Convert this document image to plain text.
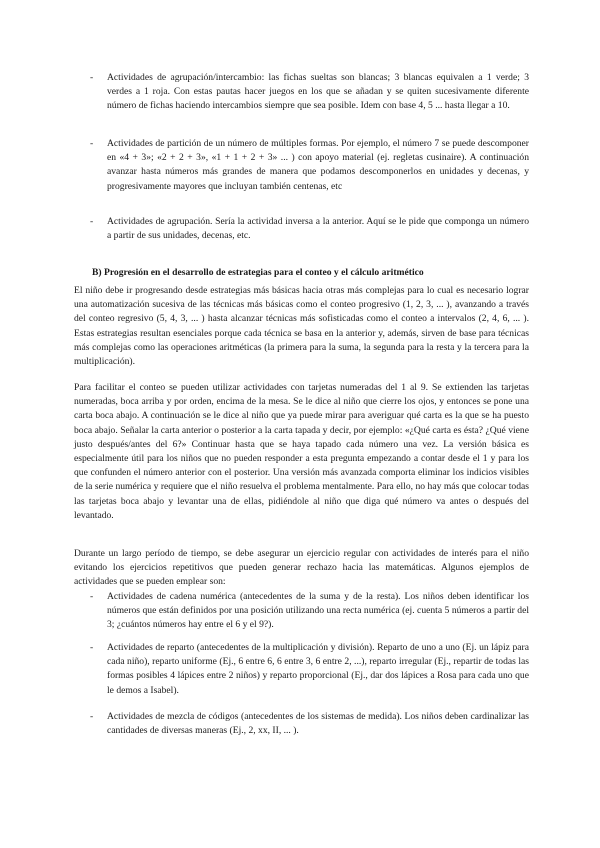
- Actividades de agrupación/intercambio: las fichas sueltas son blancas; 3 blancas equivalen a 1 verde; 3 verdes a 1 roja. Con estas pautas hacer juegos en los que se añadan y se quiten sucesivamente diferente número de fichas haciendo intercambios siempre que sea posible. Idem con base 4, 5 ... hasta llegar a 10.

- Actividades de partición de un número de múltiples formas. Por ejemplo, el número 7 se puede descomponer en «4 + 3»; «2 + 2 + 3», «1 + 1 + 2 + 3» ... ) con apoyo material (ej. regletas cusinaire). A continuación avanzar hasta números más grandes de manera que podamos descomponerlos en unidades y decenas, y progresivamente mayores que incluyan también centenas, etc

- Actividades de agrupación. Sería la actividad inversa a la anterior. Aquí se le pide que componga un número a partir de sus unidades, decenas, etc.

B) Progresión en el desarrollo de estrategias para el conteo y el cálculo aritmético

El niño debe ir progresando desde estrategias más básicas hacia otras más complejas para lo cual es necesario lograr una automatización sucesiva de las técnicas más básicas como el conteo progresivo (1, 2, 3, ... ), avanzando a través del conteo regresivo (5, 4, 3, ... ) hasta alcanzar técnicas más sofisticadas como el conteo a intervalos (2, 4, 6, ... ). Estas estrategias resultan esenciales porque cada técnica se basa en la anterior y, además, sirven de base para técnicas más complejas como las operaciones aritméticas (la primera para la suma, la segunda para la resta y la tercera para la multiplicación).

Para facilitar el conteo se pueden utilizar actividades con tarjetas numeradas del 1 al 9. Se extienden las tarjetas numeradas, boca arriba y por orden, encima de la mesa. Se le dice al niño que cierre los ojos, y entonces se pone una carta boca abajo. A continuación se le dice al niño que ya puede mirar para averiguar qué carta es la que se ha puesto boca abajo. Señalar la carta anterior o posterior a la carta tapada y decir, por ejemplo: «¿Qué carta es ésta? ¿Qué viene justo después/antes del 6?» Continuar hasta que se haya tapado cada número una vez. La versión básica es especialmente útil para los niños que no pueden responder a esta pregunta empezando a contar desde el 1 y para los que confunden el número anterior con el posterior. Una versión más avanzada comporta eliminar los indicios visibles de la serie numérica y requiere que el niño resuelva el problema mentalmente. Para ello, no hay más que colocar todas las tarjetas boca abajo y levantar una de ellas, pidiéndole al niño que diga qué número va antes o después del levantado.

Durante un largo período de tiempo, se debe asegurar un ejercicio regular con actividades de interés para el niño evitando los ejercicios repetitivos que pueden generar rechazo hacia las matemáticas. Algunos ejemplos de actividades que se pueden emplear son:

- Actividades de cadena numérica (antecedentes de la suma y de la resta). Los niños deben identificar los números que están definidos por una posición utilizando una recta numérica (ej. cuenta 5 números a partir del 3; ¿cuántos números hay entre el 6 y el 9?).

- Actividades de reparto (antecedentes de la multiplicación y división). Reparto de uno a uno (Ej. un lápiz para cada niño), reparto uniforme (Ej., 6 entre 6, 6 entre 3, 6 entre 2, ...), reparto irregular (Ej., repartir de todas las formas posibles 4 lápices entre 2 niños) y reparto proporcional (Ej., dar dos lápices a Rosa para cada uno que le demos a Isabel).

- Actividades de mezcla de códigos (antecedentes de los sistemas de medida). Los niños deben cardinalizar las cantidades de diversas maneras (Ej., 2, xx, II, ... ).
